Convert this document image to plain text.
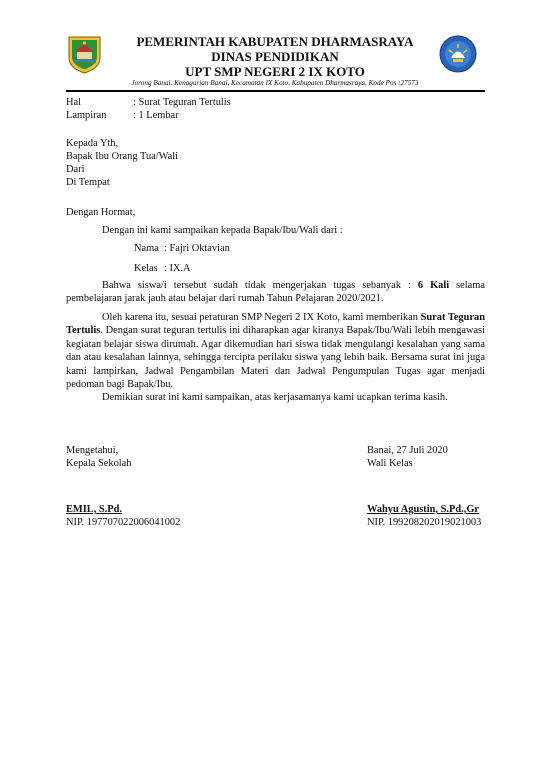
PEMERINTAH KABUPATEN DHARMASRAYA
DINAS PENDIDIKAN
UPT SMP NEGERI 2 IX KOTO
Jorong Banai, Kenagarian Banai, Kecamatan IX Koto, Kabupaten Dharmasraya, Kode Pos :27573
Hal	: Surat Teguran Tertulis
Lampiran	: 1 Lembar
Kepada Yth,
Bapak Ibu Orang Tua/Wali
Dari
Di Tempat
Dengan Hormat,
Dengan ini kami sampaikan kepada Bapak/Ibu/Wali dari :
Nama : Fajri Oktavian
Kelas : IX.A
Bahwa siswa/i tersebut sudah tidak mengerjakan tugas sebanyak : 6 Kali selama pembelajaran jarak jauh atau belajar dari rumah Tahun Pelajaran 2020/2021.
Oleh karena itu, sesuai peraturan SMP Negeri 2 IX Koto, kami memberikan Surat Teguran Tertulis. Dengan surat teguran tertulis ini diharapkan agar kiranya Bapak/Ibu/Wali lebih mengawasi kegiatan belajar siswa dirumah. Agar dikemudian hari siswa tidak mengulangi kesalahan yang sama dan atau kesalahan lainnya, sehingga tercipta perilaku siswa yang lebih baik. Bersama surat ini juga kami lampirkan, Jadwal Pengambilan Materi dan Jadwal Pengumpulan Tugas agar menjadi pedoman bagi Bapak/Ibu.
Demikian surat ini kami sampaikan, atas kerjasamanya kami ucapkan terima kasih.
Mengetahui,
Kepala Sekolah
Banai, 27 Juli 2020
Wali Kelas
EMIL, S.Pd.
NIP. 197707022006041002
Wahyu Agustin, S.Pd.,Gr
NIP. 199208202019021003
